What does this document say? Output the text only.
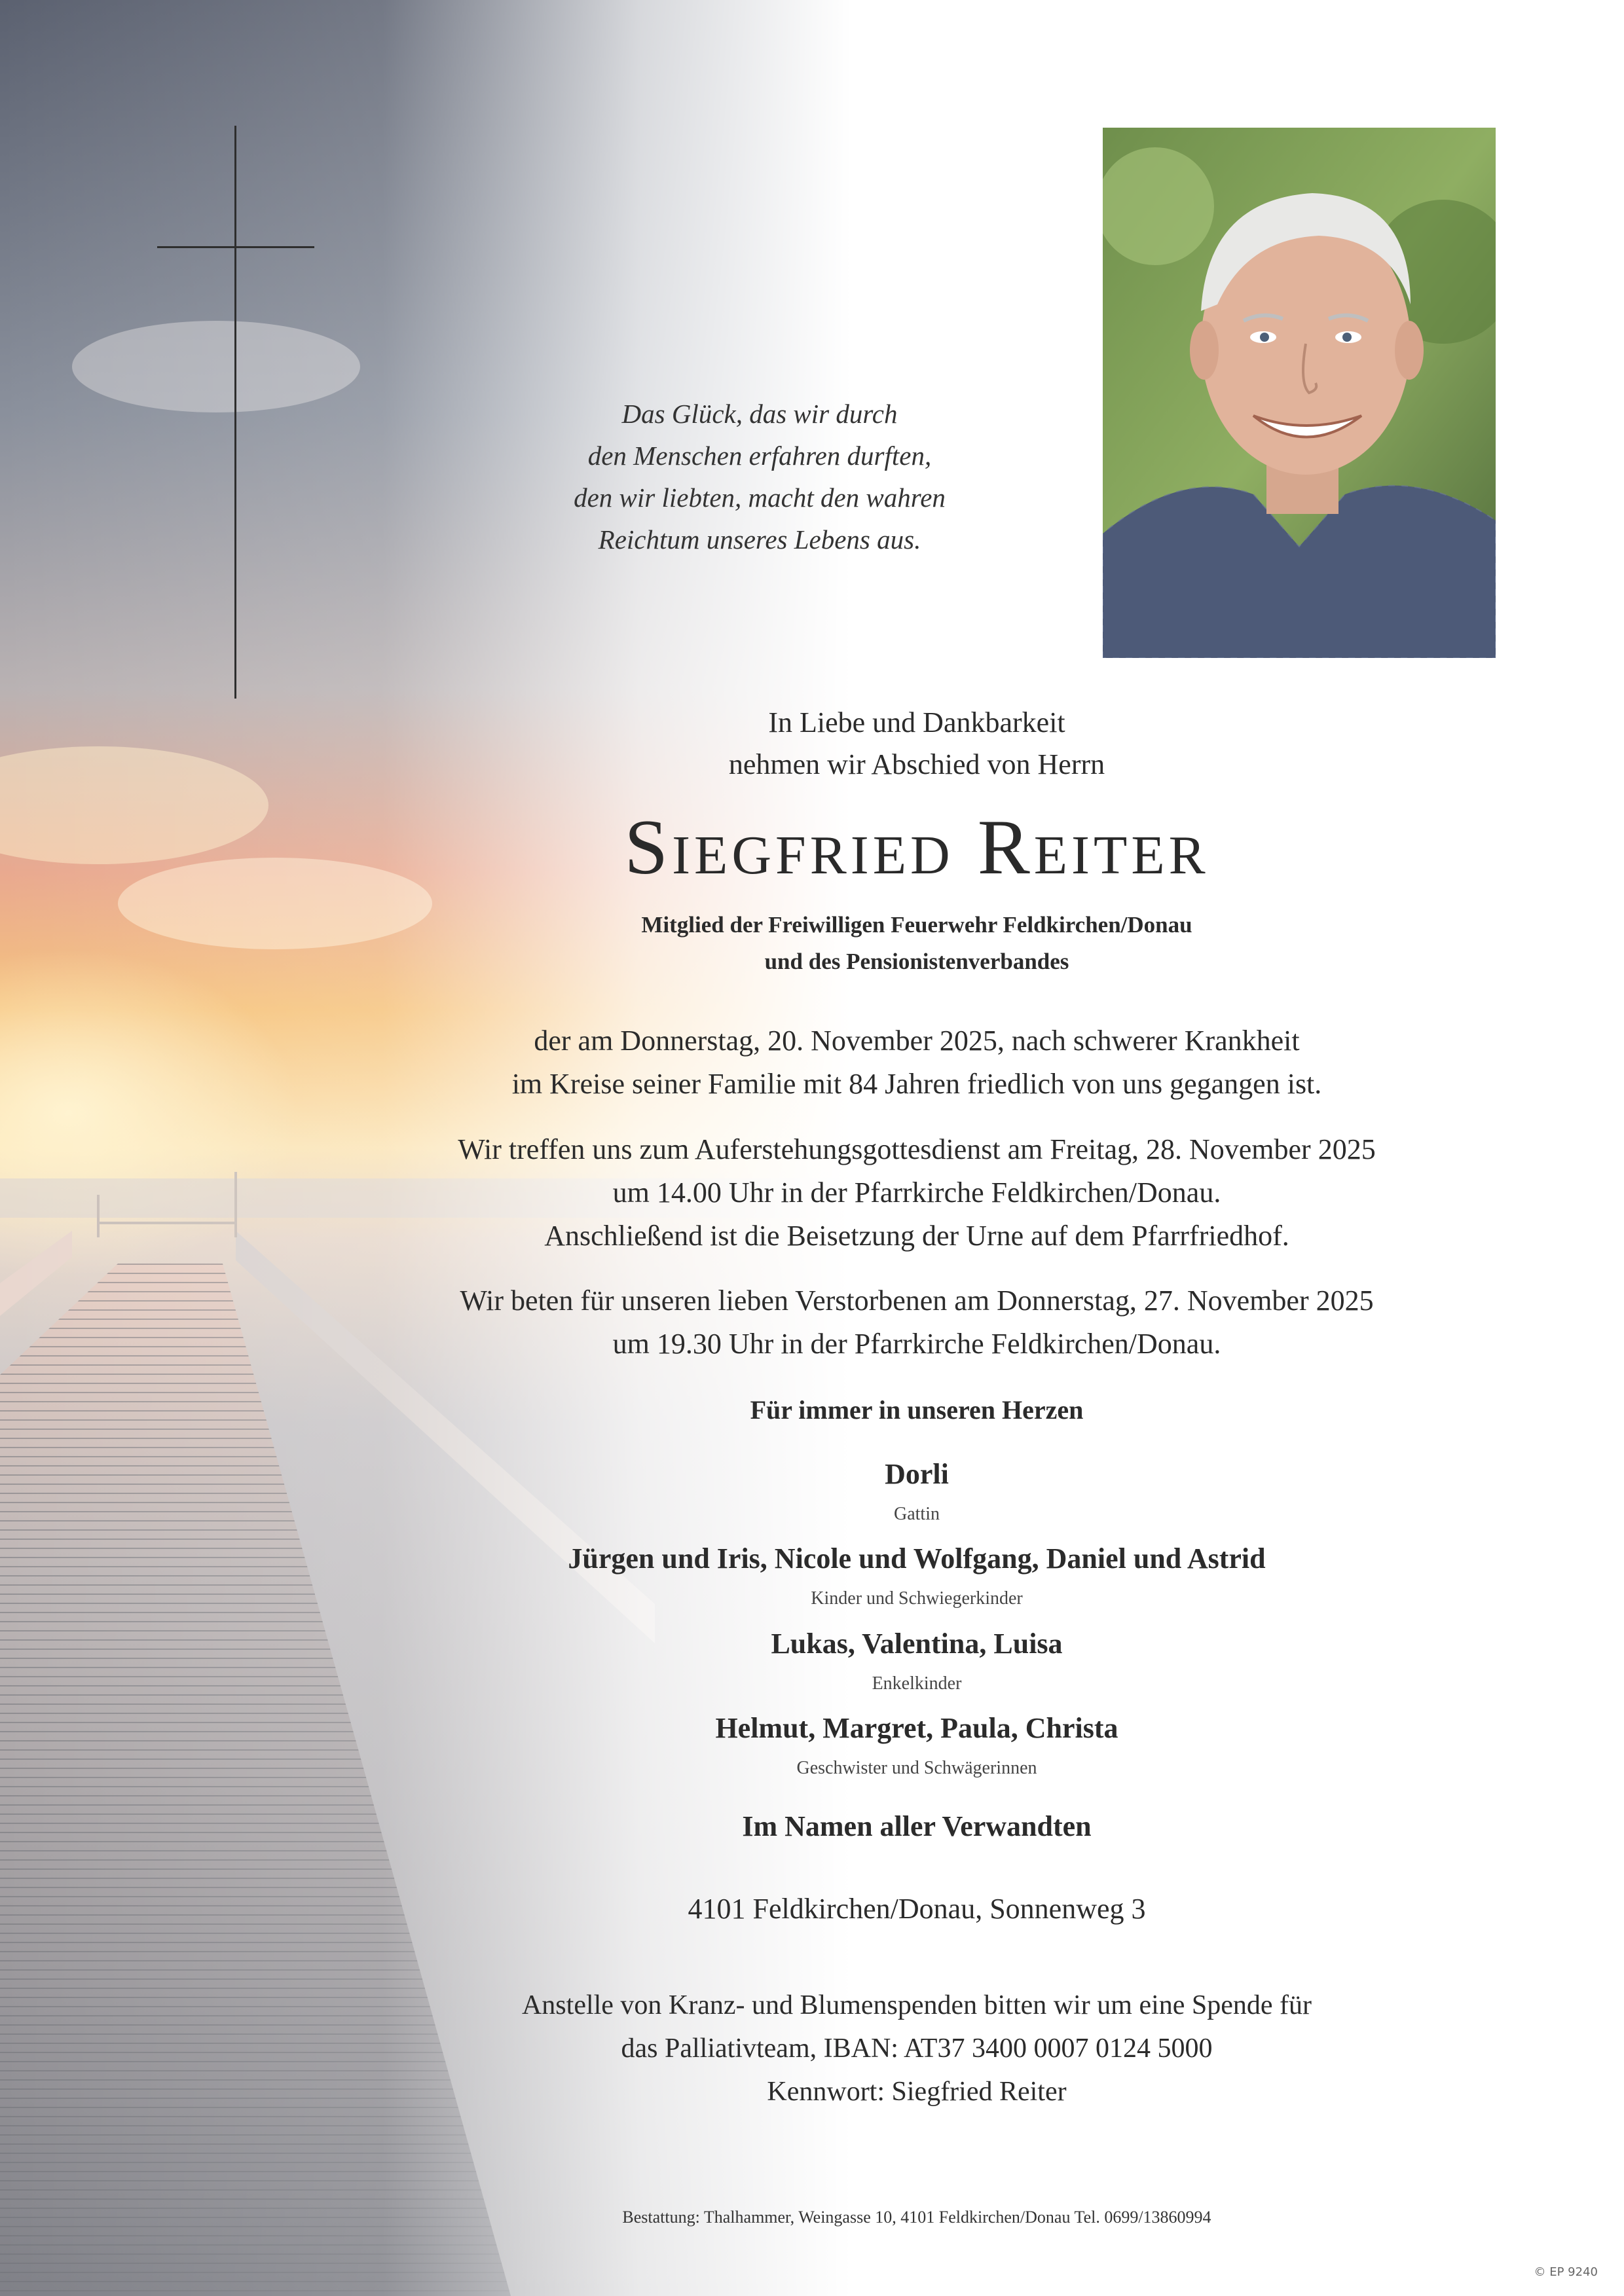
Das Glück, das wir durch
den Menschen erfahren durften,
den wir liebten, macht den wahren
Reichtum unseres Lebens aus.
In Liebe und Dankbarkeit
nehmen wir Abschied von Herrn
Siegfried Reiter
Mitglied der Freiwilligen Feuerwehr Feldkirchen/Donau
und des Pensionistenverbandes
der am Donnerstag, 20. November 2025, nach schwerer Krankheit
im Kreise seiner Familie mit 84 Jahren friedlich von uns gegangen ist.
Wir treffen uns zum Auferstehungsgottesdienst am Freitag, 28. November 2025
um 14.00 Uhr in der Pfarrkirche Feldkirchen/Donau.
Anschließend ist die Beisetzung der Urne auf dem Pfarrfriedhof.
Wir beten für unseren lieben Verstorbenen am Donnerstag, 27. November 2025
um 19.30 Uhr in der Pfarrkirche Feldkirchen/Donau.
Für immer in unseren Herzen
Dorli
Gattin
Jürgen und Iris, Nicole und Wolfgang, Daniel und Astrid
Kinder und Schwiegerkinder
Lukas, Valentina, Luisa
Enkelkinder
Helmut, Margret, Paula, Christa
Geschwister und Schwägerinnen
Im Namen aller Verwandten
4101 Feldkirchen/Donau, Sonnenweg 3
Anstelle von Kranz- und Blumenspenden bitten wir um eine Spende für
das Palliativteam, IBAN: AT37 3400 0007 0124 5000
Kennwort: Siegfried Reiter
Bestattung: Thalhammer, Weingasse 10, 4101 Feldkirchen/Donau Tel. 0699/13860994
© EP 9240
